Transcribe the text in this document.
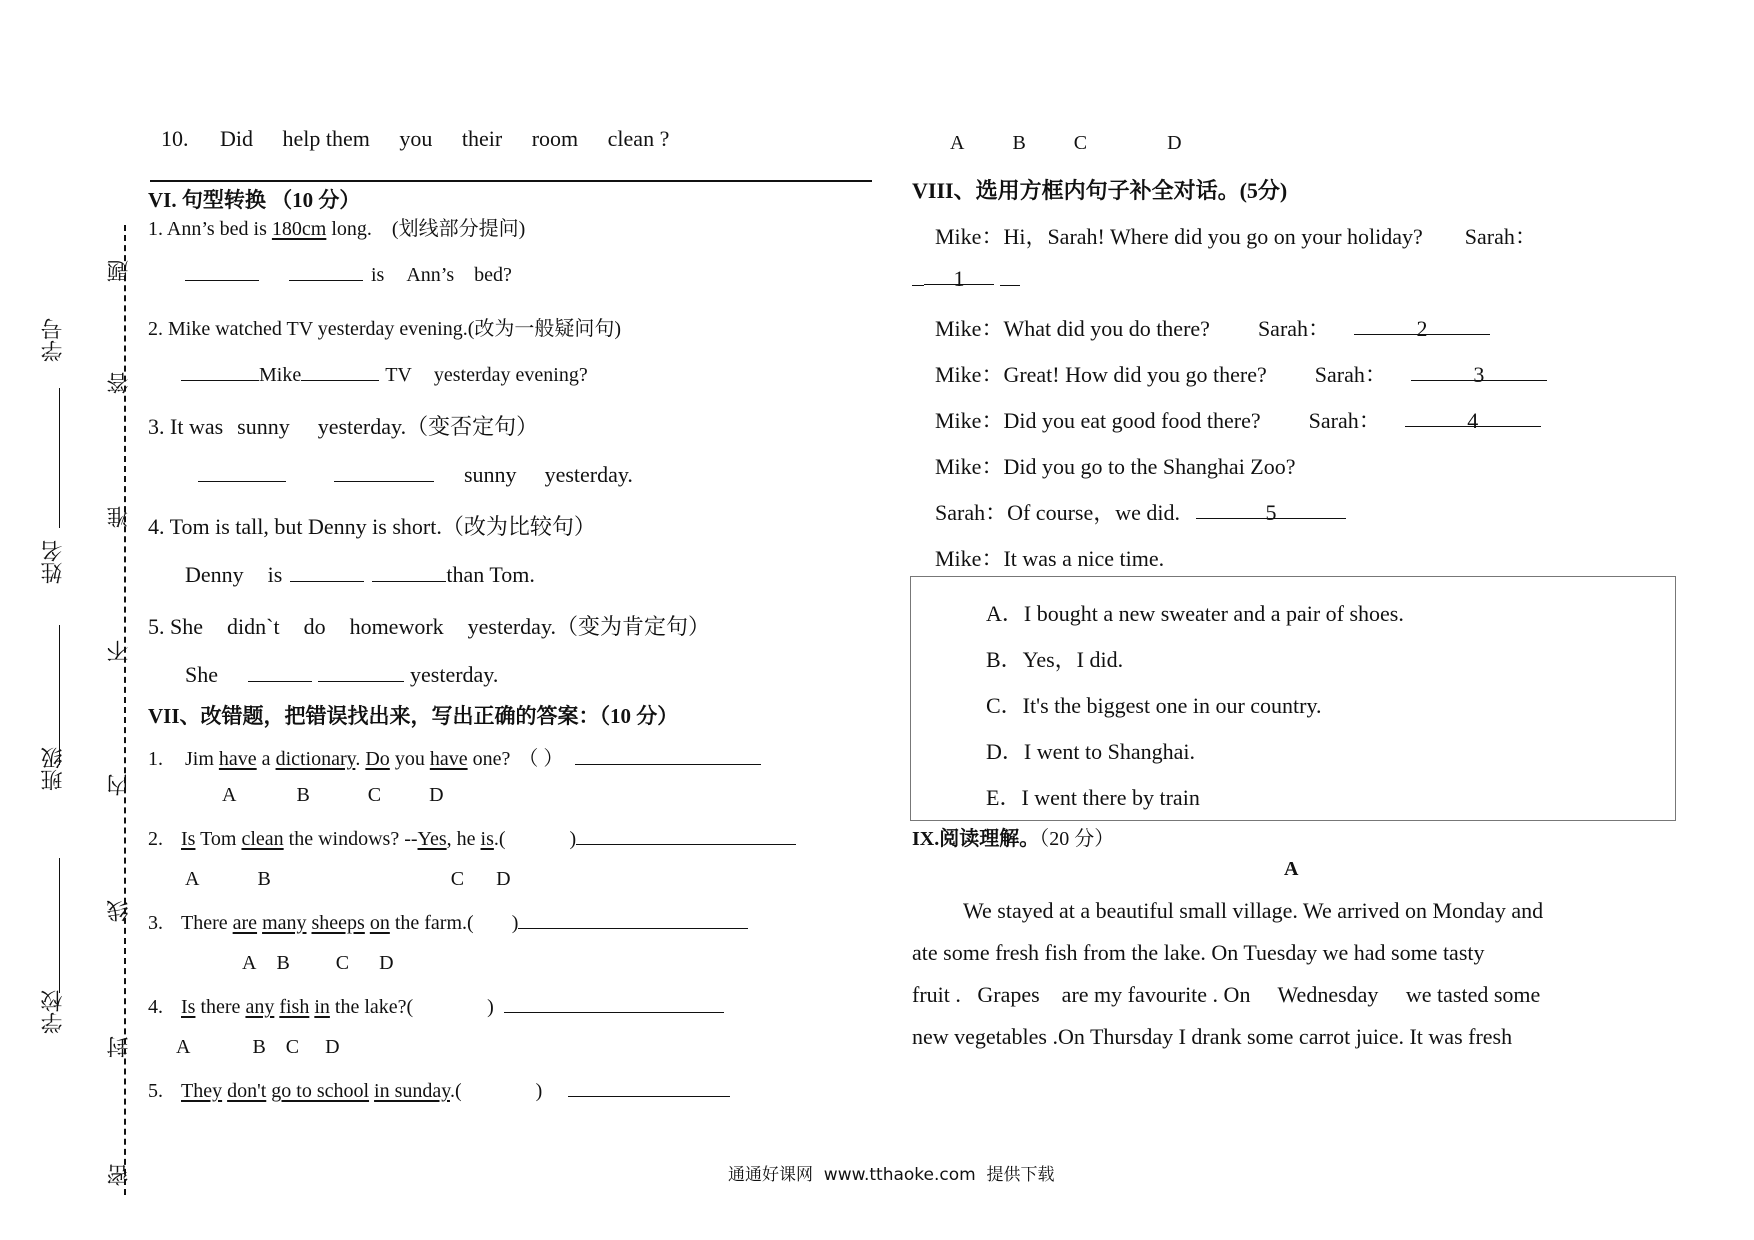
学号
姓名
班级
学校
题
答
准
不
内
线
封
密
10. Did help them you their room clean ?
VI. 句型转换 （10 分）
1. Ann’s bed is 180cm long. (划线部分提问)
is Ann’s bed?
2. Mike watched TV yesterday evening.(改为一般疑问句)
Mike	TV yesterday evening?
3. It was sunny yesterday.（变否定句）
sunny yesterday.
4. Tom is tall, but Denny is short.（改为比较句）
Denny is	than Tom.
5. She didn`t do homework yesterday.（变为肯定句）
She	yesterday.
VII、改错题，把错误找出来，写出正确的答案：（10 分）
1. Jim have a dictionary. Do you have one? （ ）
A	B	C D
2. Is Tom clean the windows? --Yes, he is.(	)
A	B	C D
3. There are many sheeps on the farm.( )
A B C D
4. Is there any fish in the lake?(	)
A	B C D
5. They don't go to school in sunday.(	)
A B C	D
VIII、选用方框内句子补全对话。(5分)
Mike：Hi，Sarah! Where did you go on your holiday? Sarah：
1
Mike：What did you do there? Sarah：	2
Mike：Great! How did you go there? Sarah：	3
Mike：Did you eat good food there? Sarah：	4
Mike：Did you go to the Shanghai Zoo?
Sarah：Of course，we did.	5
Mike：It was a nice time.
A．I bought a new sweater and a pair of shoes.
B．Yes，I did.
C．It's the biggest one in our country.
D．I went to Shanghai.
E．I went there by train
IX.阅读理解。（20 分）
A
We stayed at a beautiful small village. We arrived on Monday and
ate some fresh fish from the lake. On Tuesday we had some tasty
fruit .   Grapes    are my favourite . On     Wednesday     we tasted some
new vegetables .On Thursday I drank some carrot juice. It was fresh
通通好课网  www.tthaoke.com  提供下载
